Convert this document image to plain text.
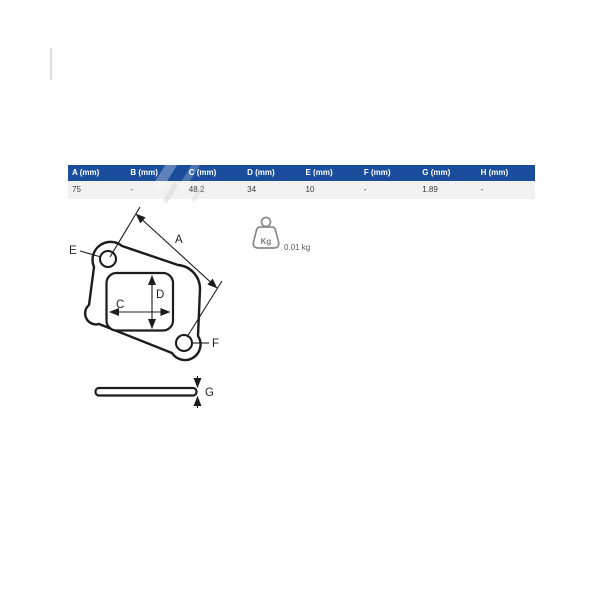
A (mm)	B (mm)	C (mm)	D (mm)	E (mm)	F (mm)	G (mm)	H (mm)
75	-	48.2	34	10	-	1.89	-
A
C
D
E
F
G
Kg
0.01 kg
